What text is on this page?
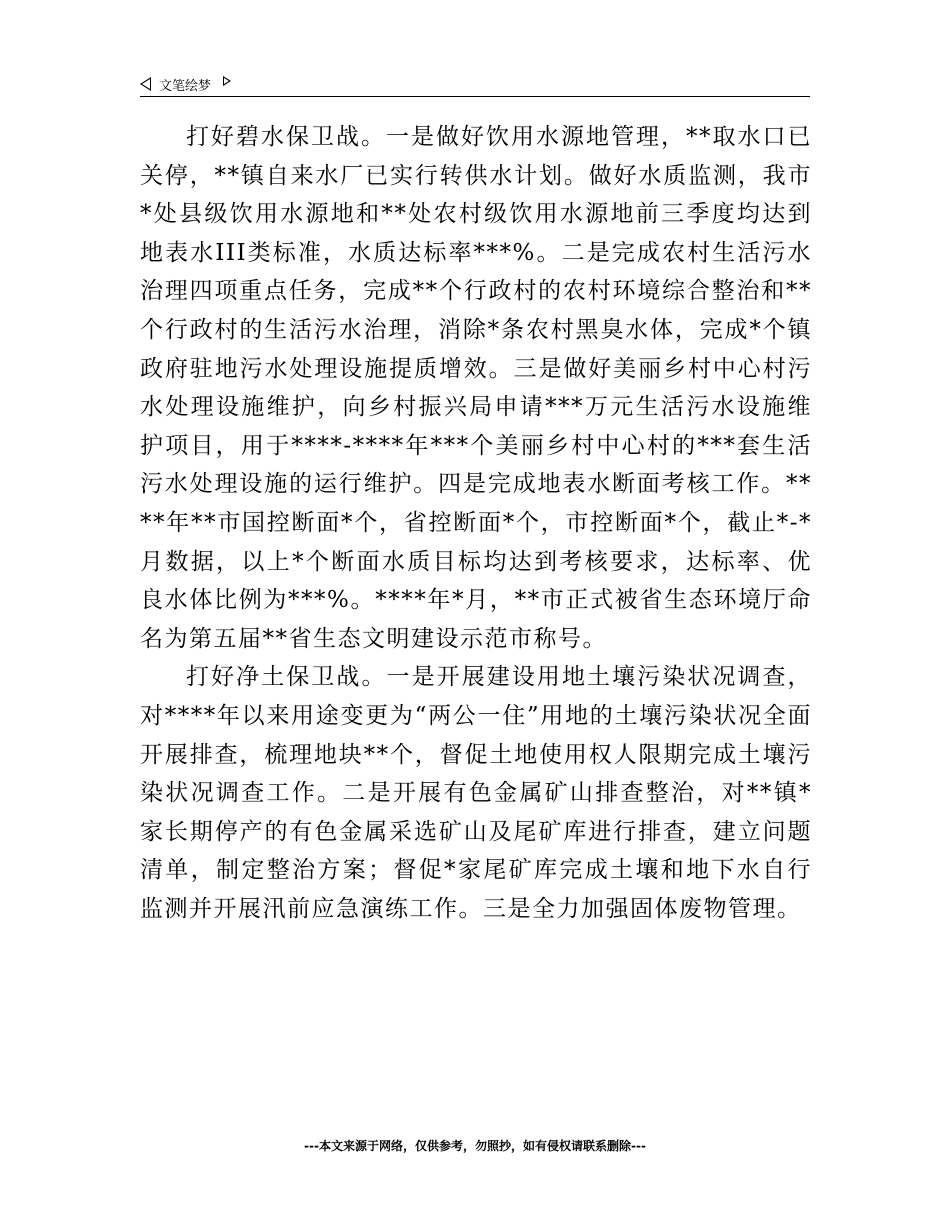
文笔绘梦

打好碧水保卫战。一是做好饮用水源地管理，**取水口已关停，**镇自来水厂已实行转供水计划。做好水质监测，我市*处县级饮用水源地和**处农村级饮用水源地前三季度均达到地表水III类标准，水质达标率***%。二是完成农村生活污水治理四项重点任务，完成**个行政村的农村环境综合整治和**个行政村的生活污水治理，消除*条农村黑臭水体，完成*个镇政府驻地污水处理设施提质增效。三是做好美丽乡村中心村污水处理设施维护，向乡村振兴局申请***万元生活污水设施维护项目，用于****-****年***个美丽乡村中心村的***套生活污水处理设施的运行维护。四是完成地表水断面考核工作。****年**市国控断面*个，省控断面*个，市控断面*个，截止*-*月数据，以上*个断面水质目标均达到考核要求，达标率、优良水体比例为***%。****年*月，**市正式被省生态环境厅命名为第五届**省生态文明建设示范市称号。

打好净土保卫战。一是开展建设用地土壤污染状况调查，对****年以来用途变更为“两公一住”用地的土壤污染状况全面开展排查，梳理地块**个，督促土地使用权人限期完成土壤污染状况调查工作。二是开展有色金属矿山排查整治，对**镇*家长期停产的有色金属采选矿山及尾矿库进行排查，建立问题清单，制定整治方案；督促*家尾矿库完成土壤和地下水自行监测并开展汛前应急演练工作。三是全力加强固体废物管理。

---本文来源于网络，仅供参考，勿照抄，如有侵权请联系删除---
